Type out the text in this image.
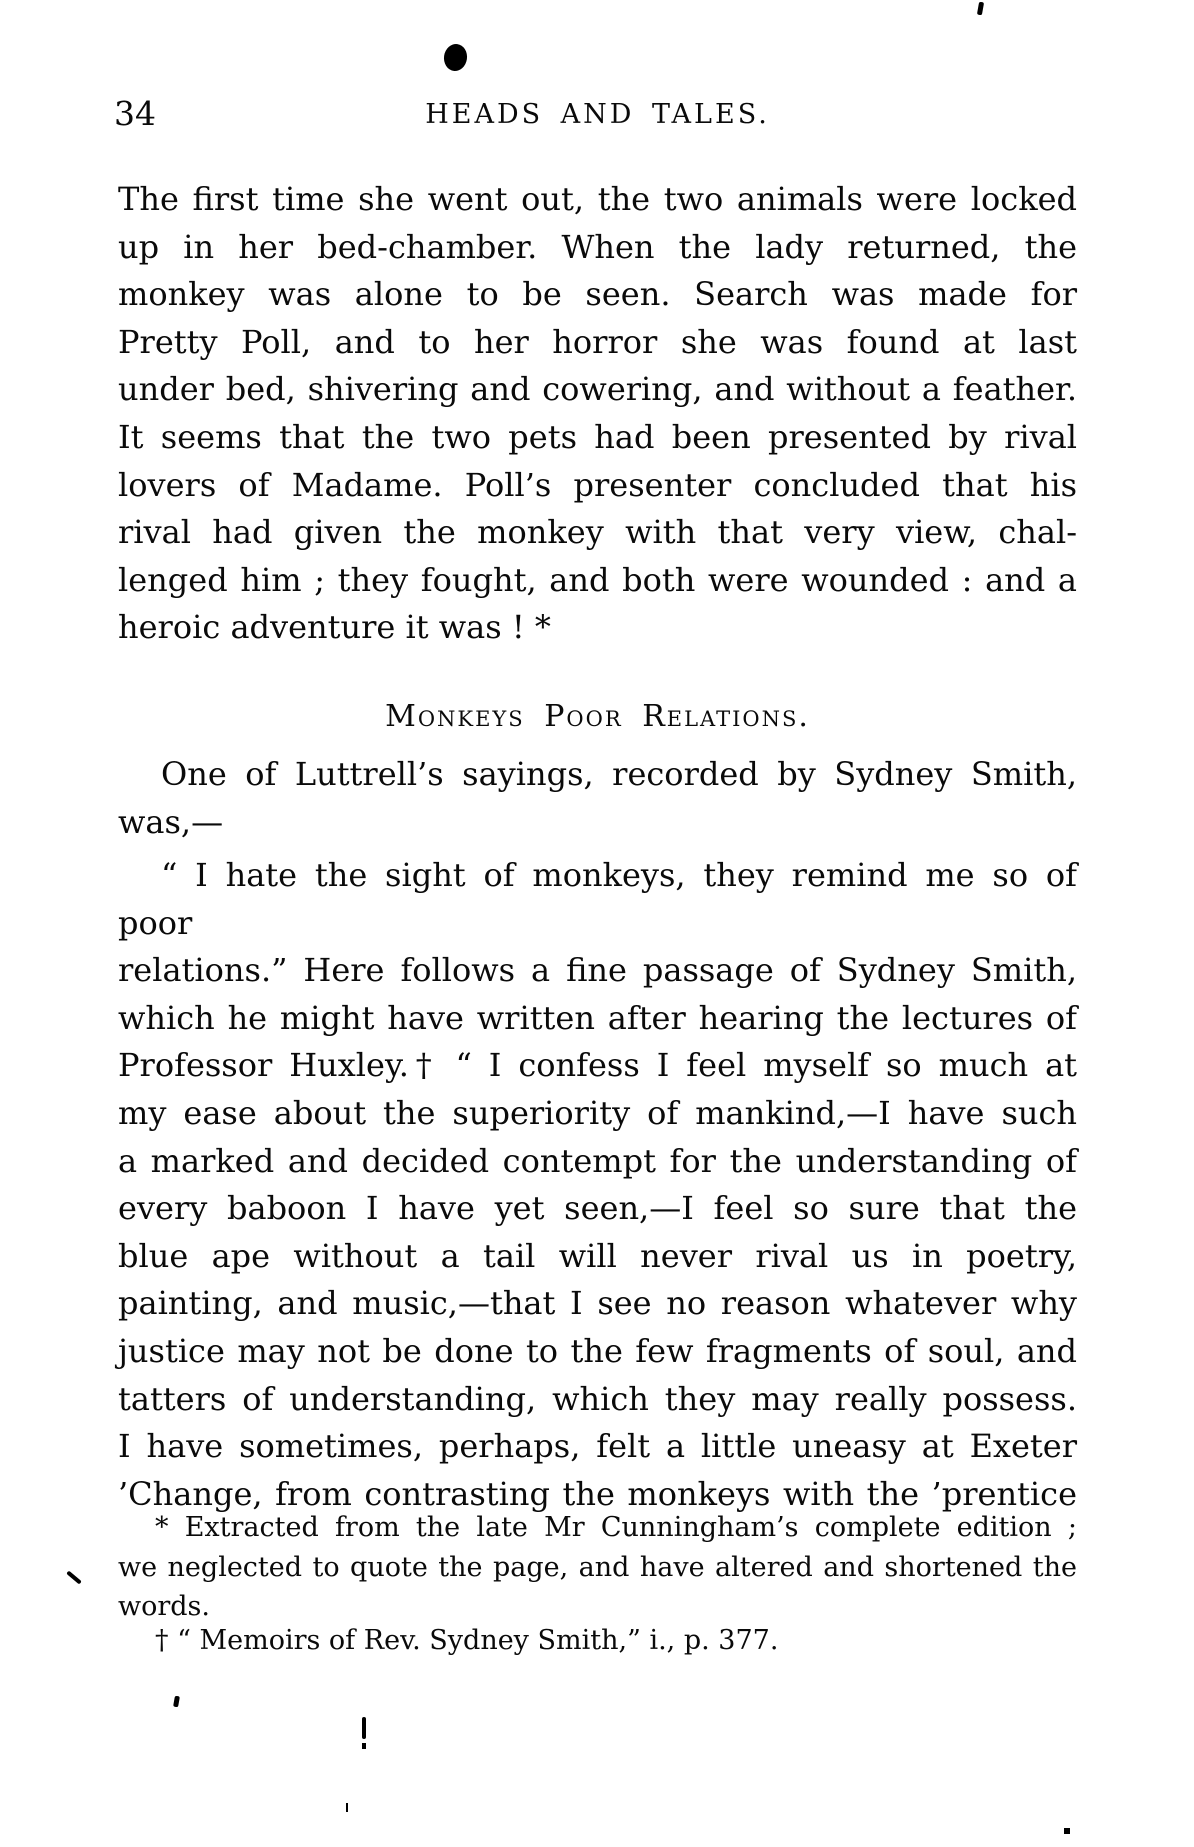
34	HEADS AND TALES.
The first time she went out, the two animals were locked
up in her bed-chamber. When the lady returned, the
monkey was alone to be seen. Search was made for
Pretty Poll, and to her horror she was found at last
under bed, shivering and cowering, and without a feather.
It seems that the two pets had been presented by rival
lovers of Madame. Poll’s presenter concluded that his
rival had given the monkey with that very view, chal-
lenged him ; they fought, and both were wounded : and a
heroic adventure it was ! *
Monkeys Poor Relations.
One of Luttrell’s sayings, recorded by Sydney Smith,
was,—
“ I hate the sight of monkeys, they remind me so of poor
relations.” Here follows a fine passage of Sydney Smith,
which he might have written after hearing the lectures of
Professor Huxley.† “ I confess I feel myself so much at
my ease about the superiority of mankind,—I have such
a marked and decided contempt for the understanding of
every baboon I have yet seen,—I feel so sure that the
blue ape without a tail will never rival us in poetry,
painting, and music,—that I see no reason whatever why
justice may not be done to the few fragments of soul, and
tatters of understanding, which they may really possess.
I have sometimes, perhaps, felt a little uneasy at Exeter
’Change, from contrasting the monkeys with the ’prentice
* Extracted from the late Mr Cunningham’s complete edition ;
we neglected to quote the page, and have altered and shortened the
words.
† “ Memoirs of Rev. Sydney Smith,” i., p. 377.
